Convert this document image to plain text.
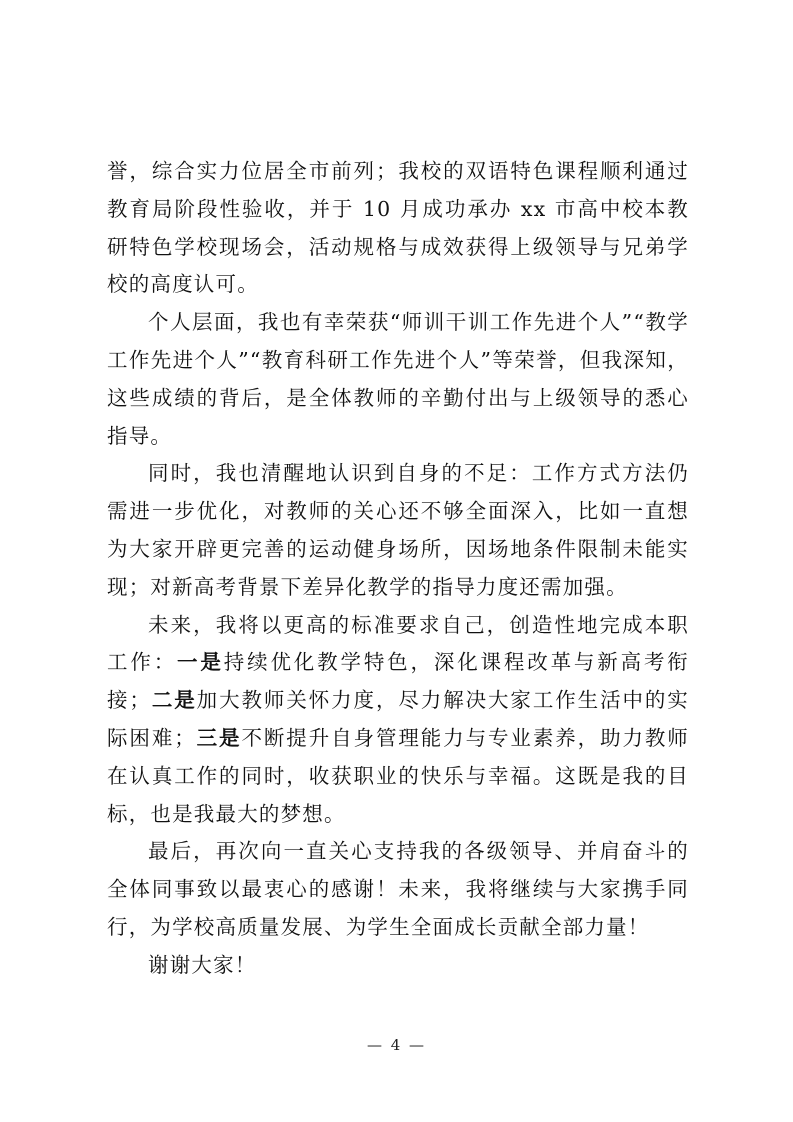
誉，综合实力位居全市前列；我校的双语特色课程顺利通过教育局阶段性验收，并于 10 月成功承办 xx 市高中校本教研特色学校现场会，活动规格与成效获得上级领导与兄弟学校的高度认可。

个人层面，我也有幸荣获“师训干训工作先进个人”“教学工作先进个人”“教育科研工作先进个人”等荣誉，但我深知，这些成绩的背后，是全体教师的辛勤付出与上级领导的悉心指导。

同时，我也清醒地认识到自身的不足：工作方式方法仍需进一步优化，对教师的关心还不够全面深入，比如一直想为大家开辟更完善的运动健身场所，因场地条件限制未能实现；对新高考背景下差异化教学的指导力度还需加强。

未来，我将以更高的标准要求自己，创造性地完成本职工作：一是持续优化教学特色，深化课程改革与新高考衔接；二是加大教师关怀力度，尽力解决大家工作生活中的实际困难；三是不断提升自身管理能力与专业素养，助力教师在认真工作的同时，收获职业的快乐与幸福。这既是我的目标，也是我最大的梦想。

最后，再次向一直关心支持我的各级领导、并肩奋斗的全体同事致以最衷心的感谢！未来，我将继续与大家携手同行，为学校高质量发展、为学生全面成长贡献全部力量！

谢谢大家！

— 4 —
